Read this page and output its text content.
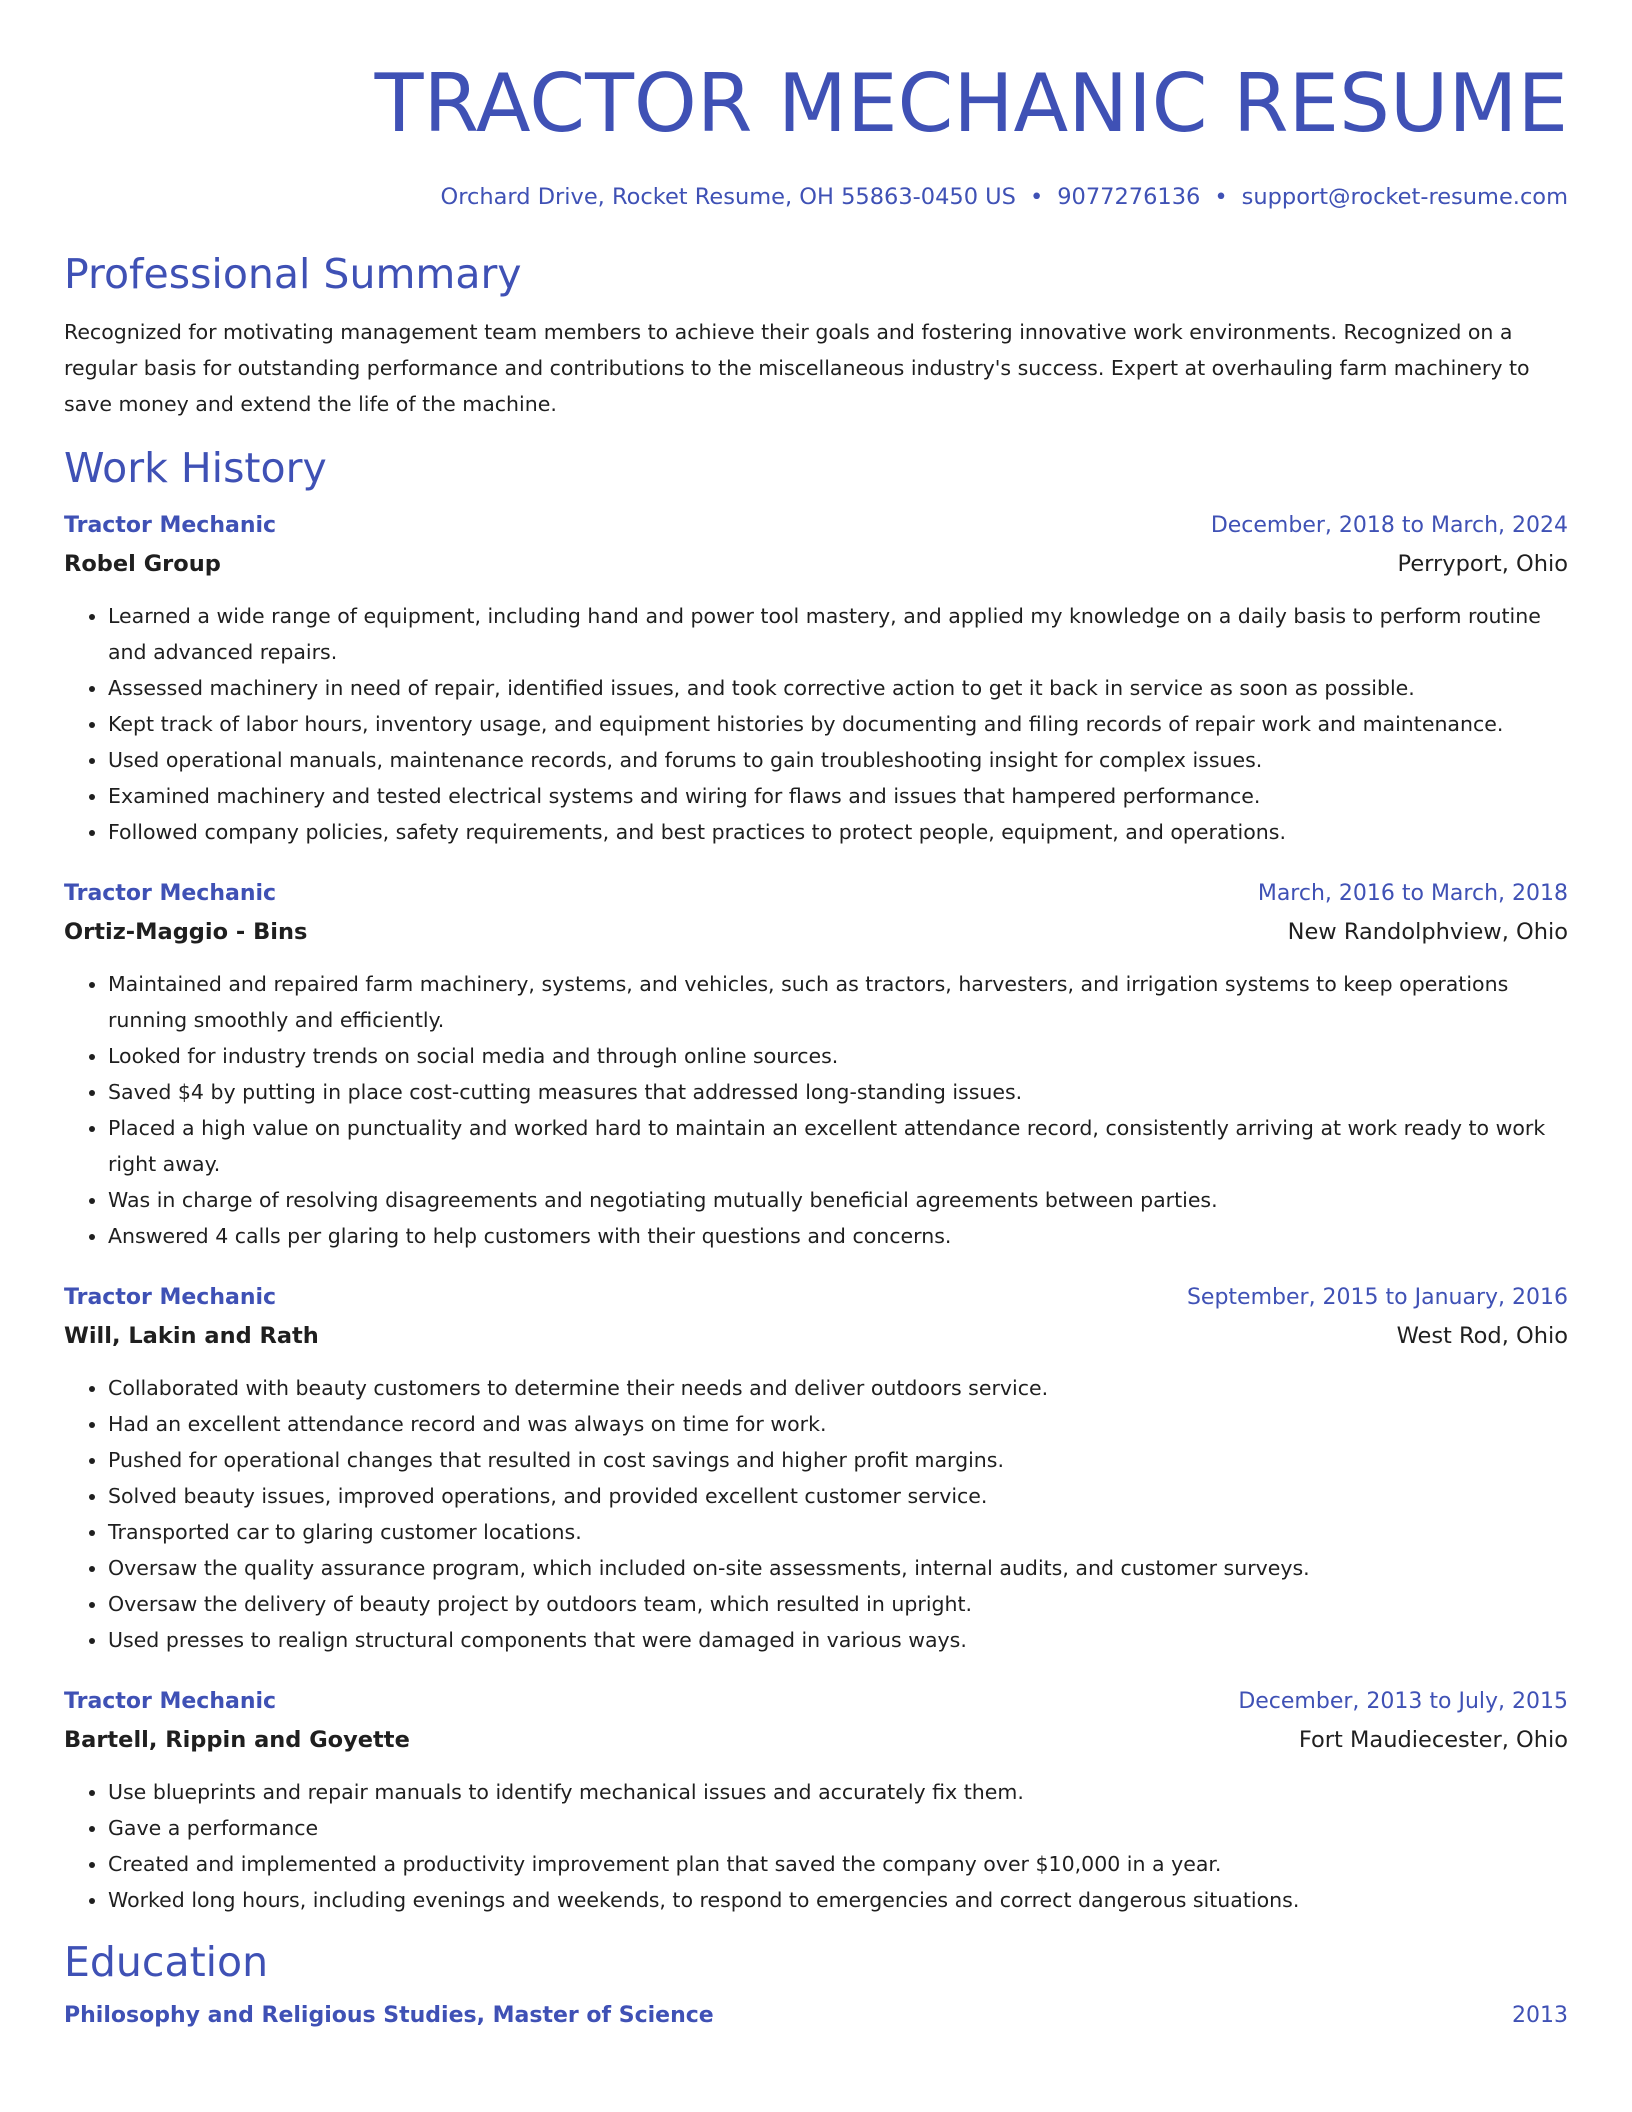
TRACTOR MECHANIC RESUME
Orchard Drive, Rocket Resume, OH 55863-0450 US • 9077276136 • support@rocket-resume.com
Professional Summary

Recognized for motivating management team members to achieve their goals and fostering innovative work environments. Recognized on a regular basis for outstanding performance and contributions to the miscellaneous industry's success. Expert at overhauling farm machinery to save money and extend the life of the machine.

Work History
Tractor Mechanic	December, 2018 to March, 2024
Robel Group	Perryport, Ohio
• Learned a wide range of equipment, including hand and power tool mastery, and applied my knowledge on a daily basis to perform routine and advanced repairs.
• Assessed machinery in need of repair, identified issues, and took corrective action to get it back in service as soon as possible.
• Kept track of labor hours, inventory usage, and equipment histories by documenting and filing records of repair work and maintenance.
• Used operational manuals, maintenance records, and forums to gain troubleshooting insight for complex issues.
• Examined machinery and tested electrical systems and wiring for flaws and issues that hampered performance.
• Followed company policies, safety requirements, and best practices to protect people, equipment, and operations.
Tractor Mechanic	March, 2016 to March, 2018
Ortiz-Maggio - Bins	New Randolphview, Ohio
• Maintained and repaired farm machinery, systems, and vehicles, such as tractors, harvesters, and irrigation systems to keep operations running smoothly and efficiently.
• Looked for industry trends on social media and through online sources.
• Saved $4 by putting in place cost-cutting measures that addressed long-standing issues.
• Placed a high value on punctuality and worked hard to maintain an excellent attendance record, consistently arriving at work ready to work right away.
• Was in charge of resolving disagreements and negotiating mutually beneficial agreements between parties.
• Answered 4 calls per glaring to help customers with their questions and concerns.
Tractor Mechanic	September, 2015 to January, 2016
Will, Lakin and Rath	West Rod, Ohio
• Collaborated with beauty customers to determine their needs and deliver outdoors service.
• Had an excellent attendance record and was always on time for work.
• Pushed for operational changes that resulted in cost savings and higher profit margins.
• Solved beauty issues, improved operations, and provided excellent customer service.
• Transported car to glaring customer locations.
• Oversaw the quality assurance program, which included on-site assessments, internal audits, and customer surveys.
• Oversaw the delivery of beauty project by outdoors team, which resulted in upright.
• Used presses to realign structural components that were damaged in various ways.
Tractor Mechanic	December, 2013 to July, 2015
Bartell, Rippin and Goyette	Fort Maudiecester, Ohio
• Use blueprints and repair manuals to identify mechanical issues and accurately fix them.
• Gave a performance
• Created and implemented a productivity improvement plan that saved the company over $10,000 in a year.
• Worked long hours, including evenings and weekends, to respond to emergencies and correct dangerous situations.
Education
Philosophy and Religious Studies, Master of Science	2013
